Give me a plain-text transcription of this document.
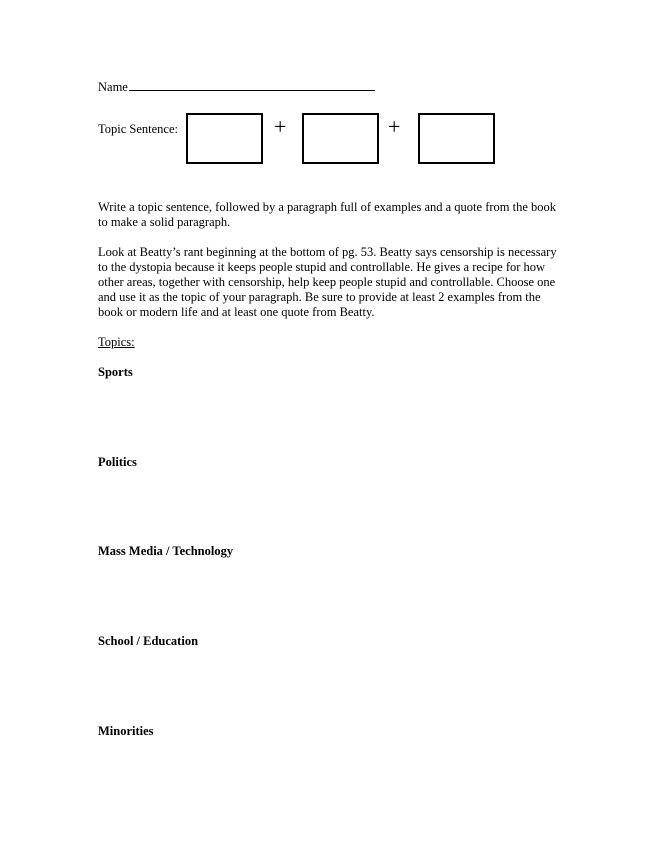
Name
Topic Sentence:	+	+

Write a topic sentence, followed by a paragraph full of examples and a quote from the book to make a solid paragraph.

Look at Beatty’s rant beginning at the bottom of pg. 53. Beatty says censorship is necessary to the dystopia because it keeps people stupid and controllable. He gives a recipe for how other areas, together with censorship, help keep people stupid and controllable. Choose one and use it as the topic of your paragraph. Be sure to provide at least 2 examples from the book or modern life and at least one quote from Beatty.

Topics:
Sports
Politics
Mass Media / Technology
School / Education
Minorities
